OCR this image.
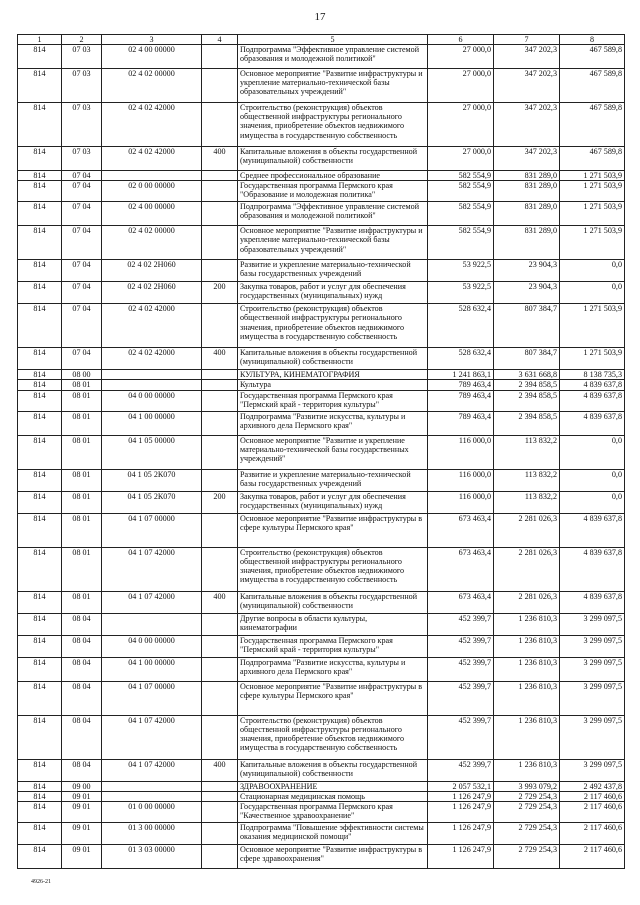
17
1	2	3	4	5	6	7	8
814	07 03	02 4 00 00000		Подпрограмма "Эффективное управление системой образования и молодежной политикой"	27 000,0	347 202,3	467 589,8
814	07 03	02 4 02 00000		Основное мероприятие "Развитие инфраструктуры и укрепление материально-технической базы образовательных учреждений"	27 000,0	347 202,3	467 589,8
814	07 03	02 4 02 42000		Строительство (реконструкция) объектов общественной инфраструктуры регионального значения, приобретение объектов недвижимого имущества в государственную собственность	27 000,0	347 202,3	467 589,8
814	07 03	02 4 02 42000	400	Капитальные вложения в объекты государственной (муниципальной) собственности	27 000,0	347 202,3	467 589,8
814	07 04			Среднее профессиональное образование	582 554,9	831 289,0	1 271 503,9
814	07 04	02 0 00 00000		Государственная программа Пермского края "Образование и молодежная политика"	582 554,9	831 289,0	1 271 503,9
814	07 04	02 4 00 00000		Подпрограмма "Эффективное управление системой образования и молодежной политикой"	582 554,9	831 289,0	1 271 503,9
814	07 04	02 4 02 00000		Основное мероприятие "Развитие инфраструктуры и укрепление материально-технической базы образовательных учреждений"	582 554,9	831 289,0	1 271 503,9
814	07 04	02 4 02 2Н060		Развитие и укрепление материально-технической базы государственных учреждений	53 922,5	23 904,3	0,0
814	07 04	02 4 02 2Н060	200	Закупка товаров, работ и услуг для обеспечения государственных (муниципальных) нужд	53 922,5	23 904,3	0,0
814	07 04	02 4 02 42000		Строительство (реконструкция) объектов общественной инфраструктуры регионального значения, приобретение объектов недвижимого имущества в государственную собственность	528 632,4	807 384,7	1 271 503,9
814	07 04	02 4 02 42000	400	Капитальные вложения в объекты государственной (муниципальной) собственности	528 632,4	807 384,7	1 271 503,9
814	08 00			КУЛЬТУРА, КИНЕМАТОГРАФИЯ	1 241 863,1	3 631 668,8	8 138 735,3
814	08 01			Культура	789 463,4	2 394 858,5	4 839 637,8
814	08 01	04 0 00 00000		Государственная программа Пермского края "Пермский край - территория культуры"	789 463,4	2 394 858,5	4 839 637,8
814	08 01	04 1 00 00000		Подпрограмма "Развитие искусства, культуры и архивного дела Пермского края"	789 463,4	2 394 858,5	4 839 637,8
814	08 01	04 1 05 00000		Основное мероприятие "Развитие и укрепление материально-технической базы государственных учреждений"	116 000,0	113 832,2	0,0
814	08 01	04 1 05 2К070		Развитие и укрепление материально-технической базы государственных учреждений	116 000,0	113 832,2	0,0
814	08 01	04 1 05 2К070	200	Закупка товаров, работ и услуг для обеспечения государственных (муниципальных) нужд	116 000,0	113 832,2	0,0
814	08 01	04 1 07 00000		Основное мероприятие "Развитие инфраструктуры в сфере культуры Пермского края"	673 463,4	2 281 026,3	4 839 637,8
814	08 01	04 1 07 42000		Строительство (реконструкция) объектов общественной инфраструктуры регионального значения, приобретение объектов недвижимого имущества в государственную собственность	673 463,4	2 281 026,3	4 839 637,8
814	08 01	04 1 07 42000	400	Капитальные вложения в объекты государственной (муниципальной) собственности	673 463,4	2 281 026,3	4 839 637,8
814	08 04			Другие вопросы в области культуры, кинематографии	452 399,7	1 236 810,3	3 299 097,5
814	08 04	04 0 00 00000		Государственная программа Пермского края "Пермский край - территория культуры"	452 399,7	1 236 810,3	3 299 097,5
814	08 04	04 1 00 00000		Подпрограмма "Развитие искусства, культуры и архивного дела Пермского края"	452 399,7	1 236 810,3	3 299 097,5
814	08 04	04 1 07 00000		Основное мероприятие "Развитие инфраструктуры в сфере культуры Пермского края"	452 399,7	1 236 810,3	3 299 097,5
814	08 04	04 1 07 42000		Строительство (реконструкция) объектов общественной инфраструктуры регионального значения, приобретение объектов недвижимого имущества в государственную собственность	452 399,7	1 236 810,3	3 299 097,5
814	08 04	04 1 07 42000	400	Капитальные вложения в объекты государственной (муниципальной) собственности	452 399,7	1 236 810,3	3 299 097,5
814	09 00			ЗДРАВООХРАНЕНИЕ	2 057 532,1	3 993 079,2	2 492 437,8
814	09 01			Стационарная медицинская помощь	1 126 247,9	2 729 254,3	2 117 460,6
814	09 01	01 0 00 00000		Государственная программа Пермского края "Качественное здравоохранение"	1 126 247,9	2 729 254,3	2 117 460,6
814	09 01	01 3 00 00000		Подпрограмма "Повышение эффективности системы оказания медицинской помощи"	1 126 247,9	2 729 254,3	2 117 460,6
814	09 01	01 3 03 00000		Основное мероприятие "Развитие инфраструктуры в сфере здравоохранения"	1 126 247,9	2 729 254,3	2 117 460,6
4926-21
